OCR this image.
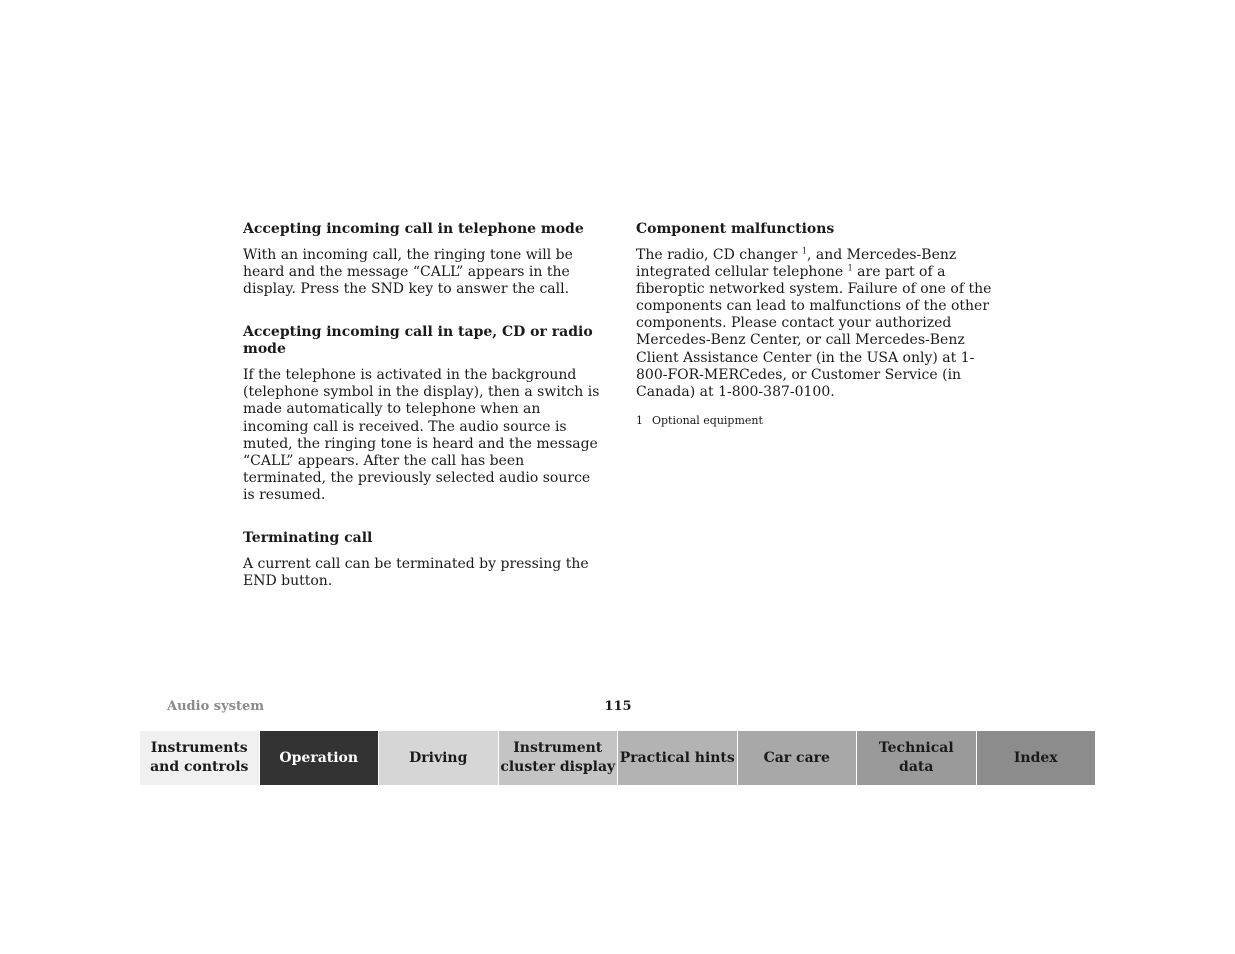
Accepting incoming call in telephone mode

With an incoming call, the ringing tone will be heard and the message “CALL” appears in the display. Press the SND key to answer the call.

Accepting incoming call in tape, CD or radio mode

If the telephone is activated in the background (telephone symbol in the display), then a switch is made automatically to telephone when an incoming call is received. The audio source is muted, the ringing tone is heard and the message “CALL” appears. After the call has been terminated, the previously selected audio source is resumed.

Terminating call

A current call can be terminated by pressing the END button.

Component malfunctions

The radio, CD changer $^1$, and Mercedes-Benz integrated cellular telephone $^1$ are part of a fiberoptic networked system. Failure of one of the components can lead to malfunctions of the other components. Please contact your authorized Mercedes-Benz Center, or call Mercedes-Benz Client Assistance Center (in the USA only) at 1-800-FOR-MERCedes, or Customer Service (in Canada) at 1-800-387-0100.

1 Optional equipment
Audio system	115
Instruments
and controls
Operation	Driving
Instrument
cluster display
Practical hints Car care
Technical
data
Index
